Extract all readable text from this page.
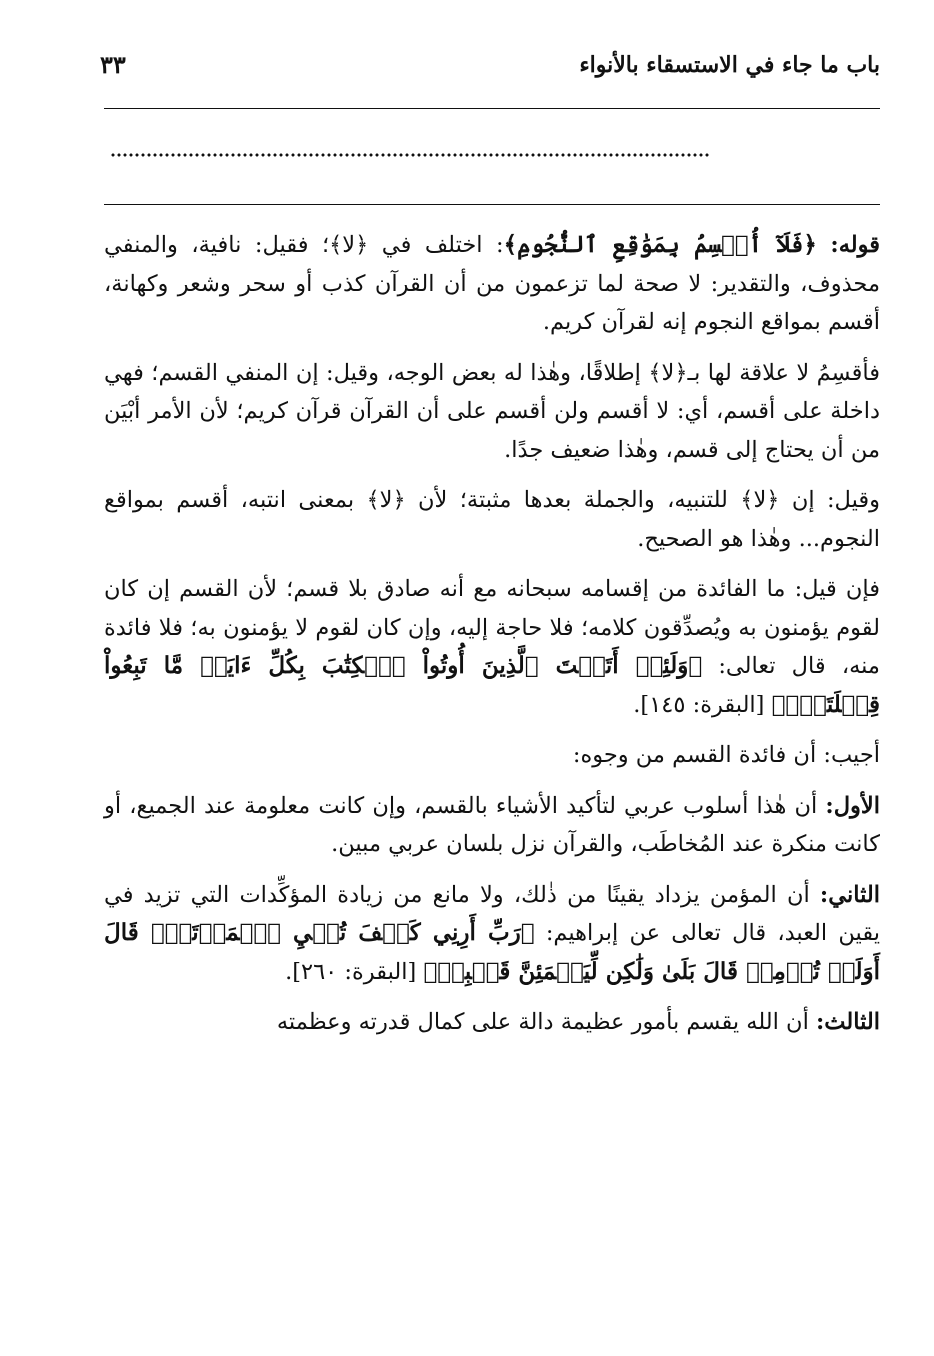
باب ما جاء في الاستسقاء بالأنواء
٣٣

قوله: ﴿فَلَآ أُقۡسِمُ بِمَوَٰقِعِ ٱلنُّجُومِ﴾: اختلف في ﴿لا﴾؛ فقيل: نافية، والمنفي محذوف، والتقدير: لا صحة لما تزعمون من أن القرآن كذب أو سحر وشعر وكهانة، أقسم بمواقع النجوم إنه لقرآن كريم.

فأقسِمُ لا علاقة لها بـ﴿لا﴾ إطلاقًا، وهٰذا له بعض الوجه، وقيل: إن المنفي القسم؛ فهي داخلة على أقسم، أي: لا أقسم ولن أقسم على أن القرآن قرآن كريم؛ لأن الأمر أبْيَن من أن يحتاج إلى قسم، وهٰذا ضعيف جدًا.

وقيل: إن ﴿لا﴾ للتنبيه، والجملة بعدها مثبتة؛ لأن ﴿لا﴾ بمعنى انتبه، أقسم بمواقع النجوم... وهٰذا هو الصحيح.

فإن قيل: ما الفائدة من إقسامه سبحانه مع أنه صادق بلا قسم؛ لأن القسم إن كان لقوم يؤمنون به ويُصدِّقون كلامه؛ فلا حاجة إليه، وإن كان لقوم لا يؤمنون به؛ فلا فائدة منه، قال تعالى: ﴿وَلَئِنۡ أَتَيۡتَ ٱلَّذِينَ أُوتُواْ ٱلۡكِتَٰبَ بِكُلِّ ءَايَةٖ مَّا تَبِعُواْ قِبۡلَتَكَۚ﴾ [البقرة: ١٤٥].

أجيب: أن فائدة القسم من وجوه:

الأول: أن هٰذا أسلوب عربي لتأكيد الأشياء بالقسم، وإن كانت معلومة عند الجميع، أو كانت منكرة عند المُخاطَب، والقرآن نزل بلسان عربي مبين.

الثاني: أن المؤمن يزداد يقينًا من ذٰلك، ولا مانع من زيادة المؤكِّدات التي تزيد في يقين العبد، قال تعالى عن إبراهيم: ﴿رَبِّ أَرِنِي كَيۡفَ تُحۡيِ ٱلۡمَوۡتَىٰۖ قَالَ أَوَلَمۡ تُؤۡمِنۖ قَالَ بَلَىٰ وَلَٰكِن لِّيَطۡمَئِنَّ قَلۡبِيۖ﴾ [البقرة: ٢٦٠].

الثالث: أن الله يقسم بأمور عظيمة دالة على كمال قدرته وعظمته
